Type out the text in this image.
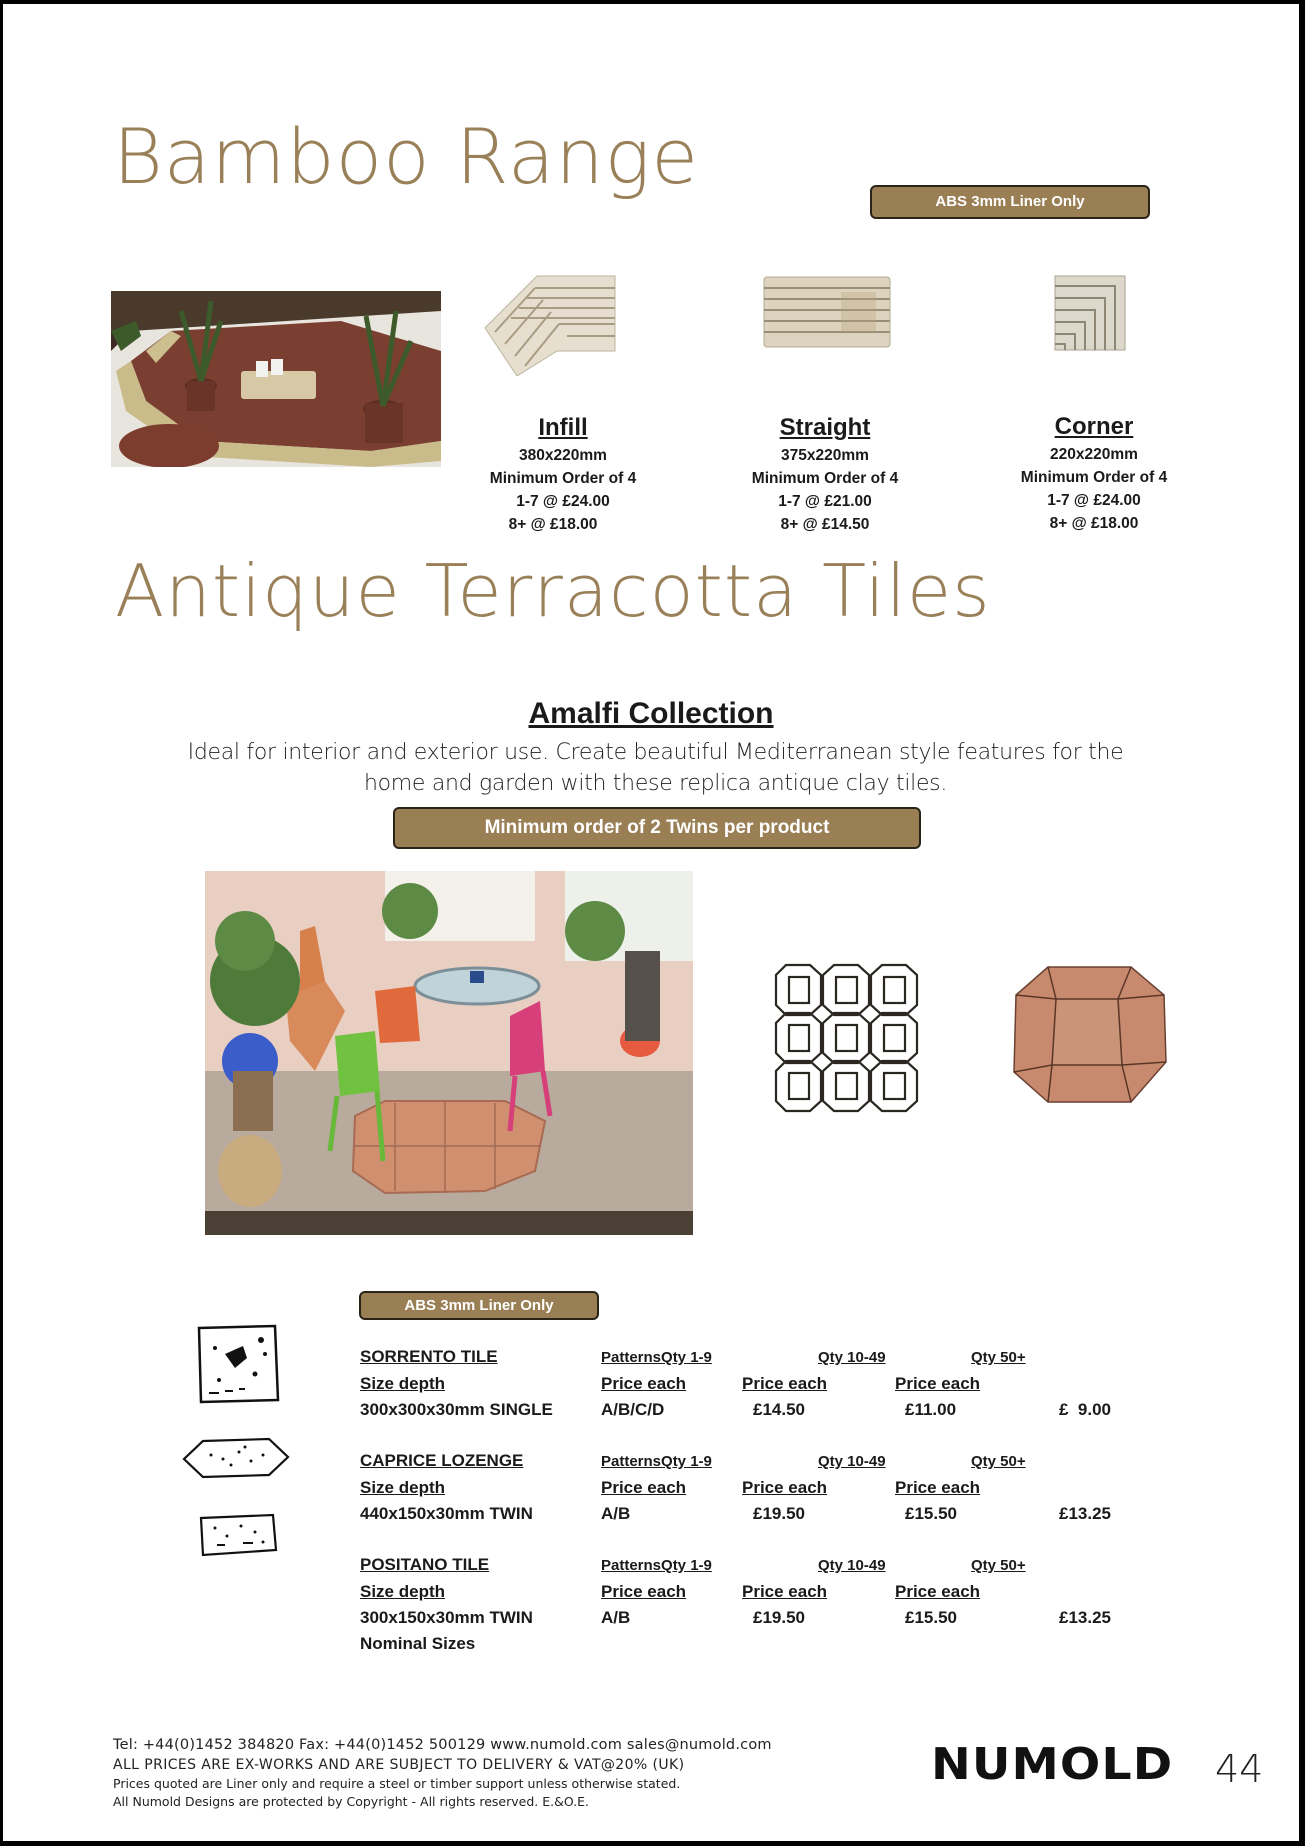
Bamboo Range
ABS 3mm Liner Only
Infill
380x220mm
Minimum Order of 4
1-7 @ £24.00
8+ @ £18.00
Straight
375x220mm
Minimum Order of 4
1-7 @ £21.00
8+ @ £14.50
Corner
220x220mm
Minimum Order of 4
1-7 @ £24.00
8+ @ £18.00
Antique Terracotta Tiles
Amalfi Collection
Ideal for interior and exterior use. Create beautiful Mediterranean style features for the
home and garden with these replica antique clay tiles.
Minimum order of 2 Twins per product
ABS 3mm Liner Only
SORRENTO TILE	PatternsQty 1-9	Qty 10-49	Qty 50+
Size depth	Price each	Price each	Price each
300x300x30mm SINGLE	A/B/C/D	£14.50	£11.00	£  9.00
CAPRICE LOZENGE	PatternsQty 1-9	Qty 10-49	Qty 50+
Size depth	Price each	Price each	Price each
440x150x30mm TWIN	A/B	£19.50	£15.50	£13.25
POSITANO TILE	PatternsQty 1-9	Qty 10-49	Qty 50+
Size depth	Price each	Price each	Price each
300x150x30mm TWIN	A/B	£19.50	£15.50	£13.25
Nominal Sizes
Tel: +44(0)1452 384820 Fax: +44(0)1452 500129 www.numold.com sales@numold.com
ALL PRICES ARE EX-WORKS AND ARE SUBJECT TO DELIVERY & VAT@20% (UK)
Prices quoted are Liner only and require a steel or timber support unless otherwise stated.
All Numold Designs are protected by Copyright - All rights reserved. E.&O.E.
NUMOLD 44
